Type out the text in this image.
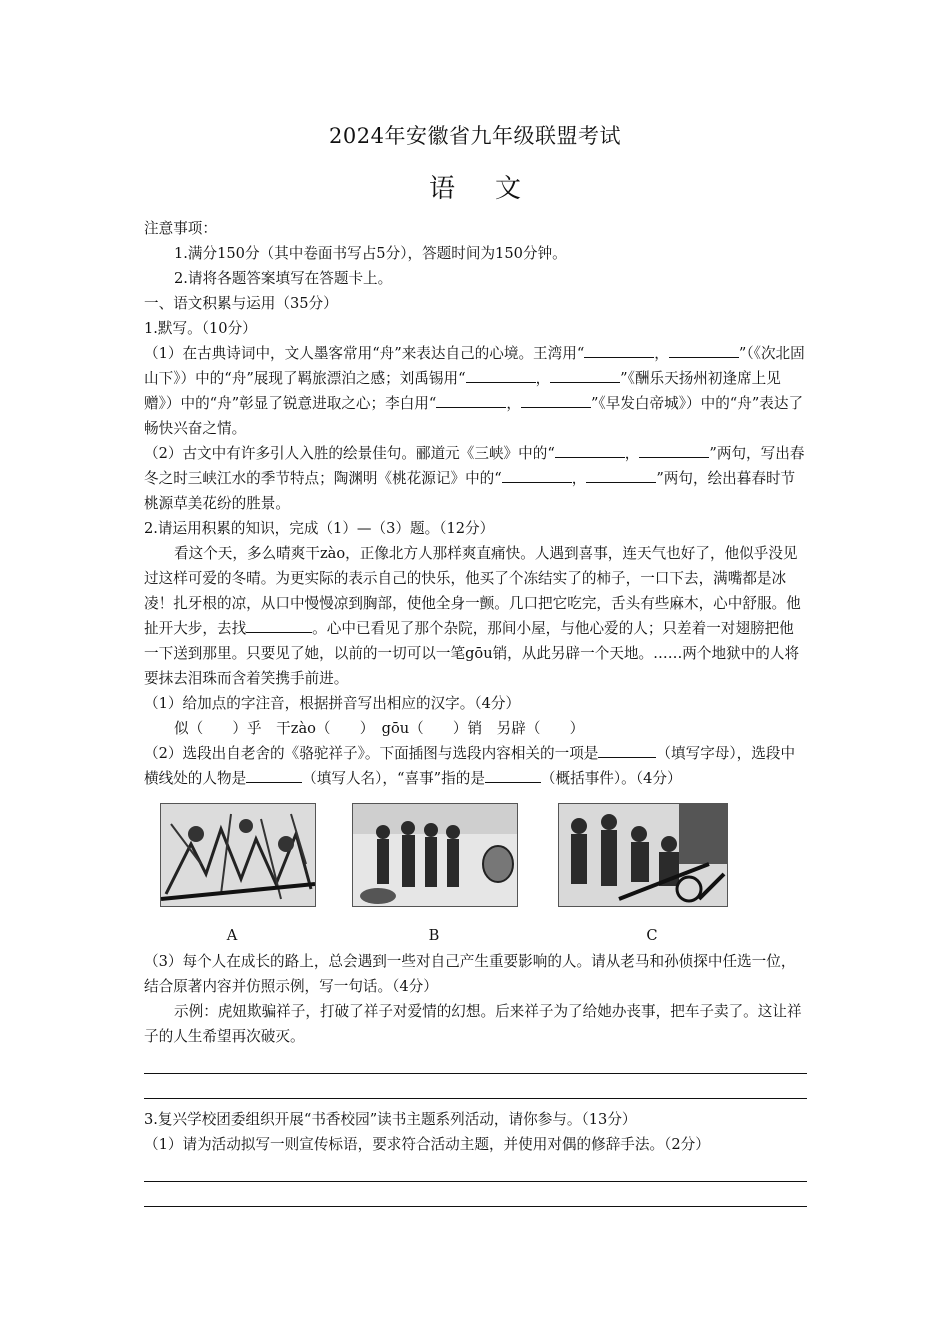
2024年安徽省九年级联盟考试
语文

注意事项：

1.满分150分（其中卷面书写占5分），答题时间为150分钟。

2.请将各题答案填写在答题卡上。

一、语文积累与运用（35分）

1.默写。（10分）

（1）在古典诗词中，文人墨客常用“舟”来表达自己的心境。王湾用“	，	”（《次北固山下》）中的“舟”展现了羁旅漂泊之感；刘禹锡用“	，	”《酬乐天扬州初逢席上见赠》）中的“舟”彰显了锐意进取之心；李白用“	，	”《早发白帝城》）中的“舟”表达了畅快兴奋之情。

（2）古文中有许多引人入胜的绘景佳句。郦道元《三峡》中的“	，	”两句，写出春冬之时三峡江水的季节特点；陶渊明《桃花源记》中的“	，	”两句，绘出暮春时节桃源草美花纷的胜景。

2.请运用积累的知识，完成（1）—（3）题。（12分）

看这个天，多么晴爽干zào，正像北方人那样爽直痛快。人遇到喜事，连天气也好了，他似乎没见过这样可爱的冬晴。为更实际的表示自己的快乐，他买了个冻结实了的柿子，一口下去，满嘴都是冰凌！扎牙根的凉，从口中慢慢凉到胸部，使他全身一颤。几口把它吃完，舌头有些麻木，心中舒服。他扯开大步，去找	。心中已看见了那个杂院，那间小屋，与他心爱的人；只差着一对翅膀把他一下送到那里。只要见了她，以前的一切可以一笔gōu销，从此另辟一个天地。……两个地狱中的人将要抹去泪珠而含着笑携手前进。

（1）给加点的字注音，根据拼音写出相应的汉字。（4分）

似（　　）乎　干zào（　　）　gōu（　　）销　另辟（　　）

（2）选段出自老舍的《骆驼祥子》。下面插图与选段内容相关的一项是	（填写字母），选段中横线处的人物是	（填写人名），“喜事”指的是	（概括事件）。（4分）

A	B	C

（3）每个人在成长的路上，总会遇到一些对自己产生重要影响的人。请从老马和孙侦探中任选一位，结合原著内容并仿照示例，写一句话。（4分）

示例：虎妞欺骗祥子，打破了祥子对爱情的幻想。后来祥子为了给她办丧事，把车子卖了。这让祥子的人生希望再次破灭。

3.复兴学校团委组织开展“书香校园”读书主题系列活动，请你参与。（13分）

（1）请为活动拟写一则宣传标语，要求符合活动主题，并使用对偶的修辞手法。（2分）
